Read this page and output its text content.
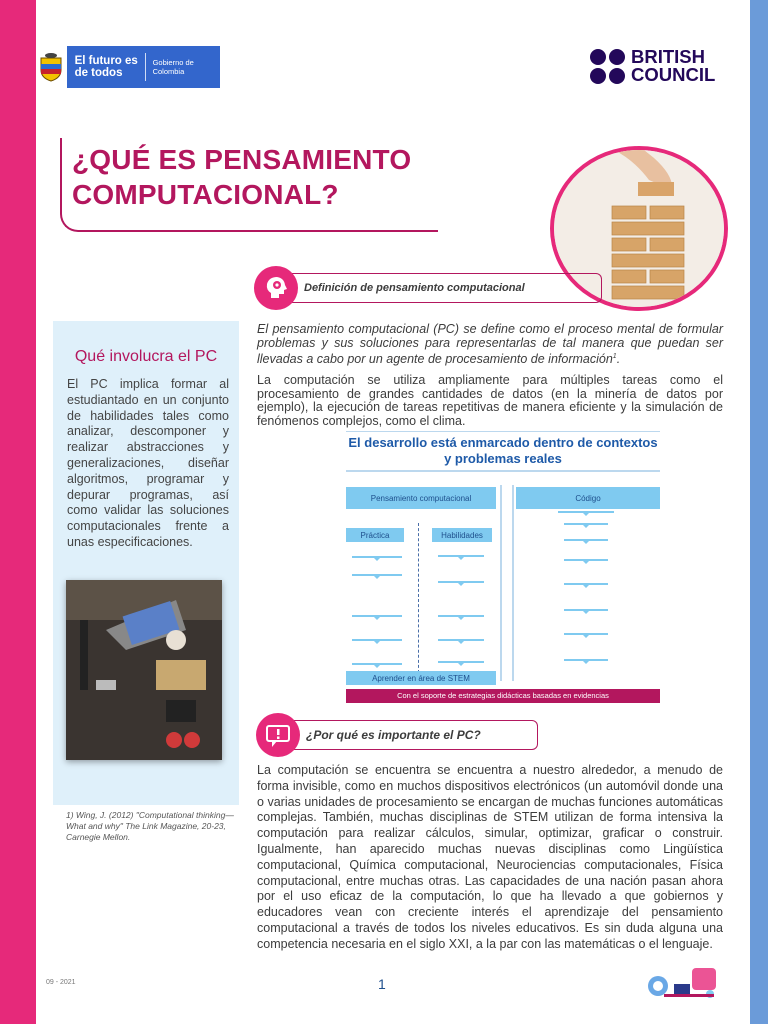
El futuro es de todos
Gobierno de Colombia
BRITISH
COUNCIL
¿QUÉ ES PENSAMIENTO COMPUTACIONAL?
Definición de pensamiento computacional

El pensamiento computacional (PC) se define como el proceso mental de formular problemas y sus soluciones para representarlas de tal manera que puedan ser llevadas a cabo por un agente de procesamiento de información$^1$.

La computación se utiliza ampliamente para múltiples tareas como el procesamiento de grandes cantidades de datos (en la minería de datos por ejemplo), la ejecución de tareas repetitivas de manera eficiente y la simulación de fenómenos complejos, como el clima.

El desarrollo está enmarcado dentro de contextos y problemas reales
Pensamiento computacional	Código
Práctica	Habilidades
Aprender en área de STEM
Con el soporte de estrategias didácticas basadas en evidencias
Qué involucra el PC

El PC implica formar al estudiantado en un conjunto de habilidades tales como analizar, descomponer y realizar abstracciones y generalizaciones, diseñar algoritmos, programar y depurar programas, así como validar las soluciones computacionales frente a unas especificaciones.

1) Wing, J. (2012) "Computational thinking—What and why" The Link Magazine, 20-23, Carnegie Mellon.
¿Por qué es importante el PC?

La computación se encuentra se encuentra a nuestro alrededor, a menudo de forma invisible, como en muchos dispositivos electrónicos (un automóvil donde una o varias unidades de procesamiento se encargan de muchas funciones automáticas complejas. También, muchas disciplinas de STEM utilizan de forma intensiva la computación para realizar cálculos, simular, optimizar, graficar o construir. Igualmente, han aparecido muchas nuevas disciplinas como Lingüística computacional, Química computacional, Neurociencias computacionales, Física computacional, entre muchas otras. Las capacidades de una nación pasan ahora por el uso eficaz de la computación, lo que ha llevado a que gobiernos y educadores vean con creciente interés el aprendizaje del pensamiento computacional a través de todos los niveles educativos. Es sin duda alguna una competencia necesaria en el siglo XXI, a la par con las matemáticas o el lenguaje.

09 - 2021	1
